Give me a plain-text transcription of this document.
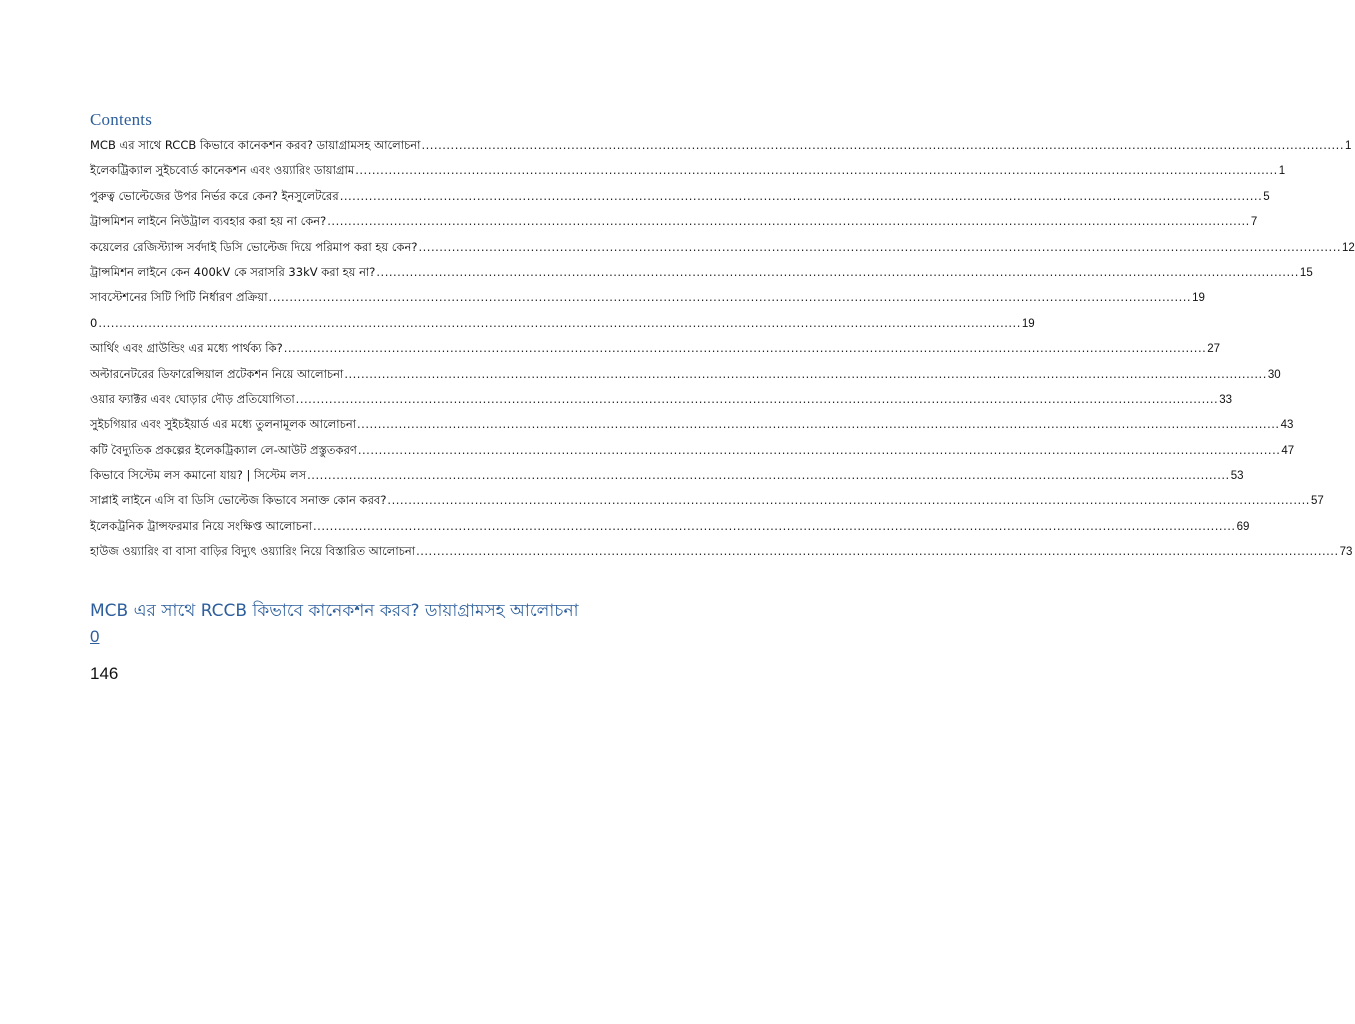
Contents
MCB এর সাথে RCCB কিভাবে কানেকশন করব? ডায়াগ্রামসহ আলোচনা .....	1
ইলেকট্রিক্যাল সুইচবোর্ড কানেকশন এবং ওয়্যারিং ডায়াগ্রাম .....	1
পুরুত্ব ভোল্টেজের উপর নির্ভর করে কেন? ইনসুলেটরের .....	5
ট্রান্সমিশন লাইনে নিউট্রাল ব্যবহার করা হয় না কেন? .....	7
কয়েলের রেজিস্ট্যান্স সর্বদাই ডিসি ভোল্টেজ দিয়ে পরিমাপ করা হয় কেন? .....	12
ট্রান্সমিশন লাইনে কেন 400kV কে সরাসরি 33kV করা হয় না? .....	15
সাবস্টেশনের সিটি পিটি নির্ধারণ প্রক্রিয়া .....	19
0 .....	19
আর্থিং এবং গ্রাউন্ডিং এর মধ্যে পার্থক্য কি? .....	27
অল্টারনেটরের ডিফারেন্সিয়াল প্রটেকশন নিয়ে আলোচনা .....	30
ওয়ার ফ্যাক্টর এবং ঘোড়ার দৌড় প্রতিযোগিতা .....	33
সুইচগিয়ার এবং সুইচইয়ার্ড এর মধ্যে তুলনামূলক আলোচনা .....	43
কটি বৈদ্যুতিক প্রকল্পের ইলেকট্রিক্যাল লে-আউট প্রস্তুতকরণ .....	47
কিভাবে সিস্টেম লস কমানো যায়? | সিস্টেম লস .....	53
সাপ্লাই লাইনে এসি বা ডিসি ভোল্টেজ কিভাবে সনাক্ত কোন করব? .....	57
ইলেকট্রনিক ট্রান্সফরমার নিয়ে সংক্ষিপ্ত আলোচনা .....	69
হাউজ ওয়্যারিং বা বাসা বাড়ির বিদ্যুৎ ওয়্যারিং নিয়ে বিস্তারিত আলোচনা .....	73
MCB এর সাথে RCCB কিভাবে কানেকশন করব? ডায়াগ্রামসহ আলোচনা
0
146
